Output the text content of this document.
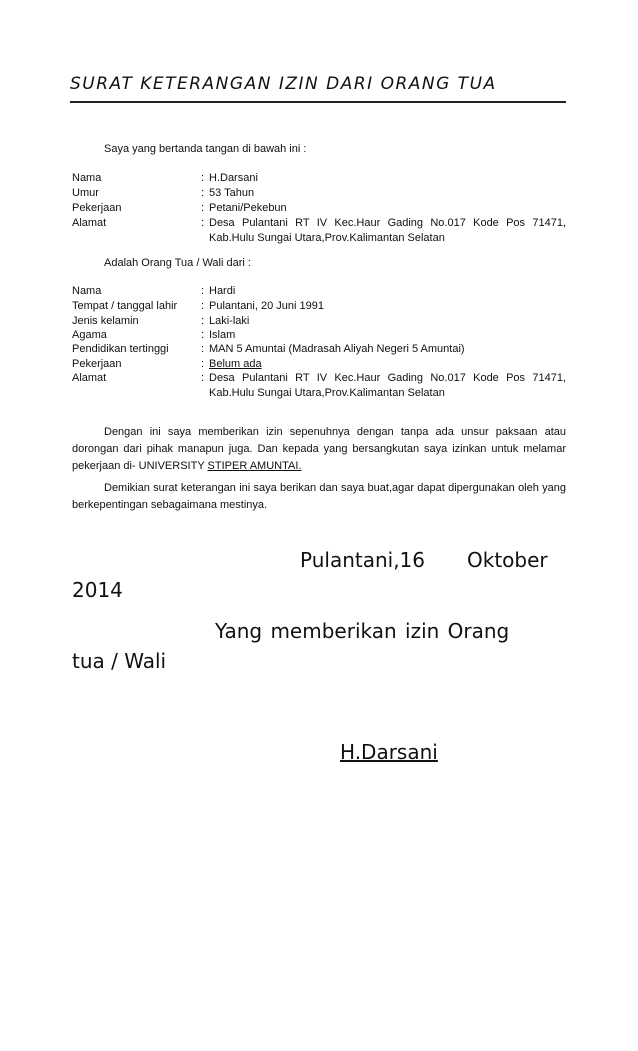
SURAT KETERANGAN IZIN DARI ORANG TUA
Saya yang bertanda tangan di bawah ini :
Nama	: H.Darsani
Umur	: 53 Tahun
Pekerjaan	: Petani/Pekebun
Alamat	: Desa Pulantani RT IV Kec.Haur Gading No.017 Kode Pos 71471, Kab.Hulu Sungai Utara,Prov.Kalimantan Selatan
Adalah Orang Tua / Wali dari :
Nama	: Hardi
Tempat / tanggal lahir : Pulantani, 20 Juni 1991
Jenis kelamin	: Laki-laki
Agama	: Islam
Pendidikan tertinggi	: MAN 5 Amuntai (Madrasah Aliyah Negeri 5 Amuntai)
Pekerjaan	: Belum ada
Alamat	: Desa Pulantani RT IV Kec.Haur Gading No.017 Kode Pos 71471, Kab.Hulu Sungai Utara,Prov.Kalimantan Selatan
Dengan ini saya memberikan izin sepenuhnya dengan tanpa ada unsur paksaan atau dorongan dari pihak manapun juga. Dan kepada yang bersangkutan saya izinkan untuk melamar pekerjaan di- UNIVERSITY STIPER AMUNTAI.
Demikian surat keterangan ini saya berikan dan saya buat,agar dapat dipergunakan oleh yang berkepentingan sebagaimana mestinya.
Pulantani,16 Oktober
2014
Yang memberikan izin Orang
tua / Wali
H.Darsani
